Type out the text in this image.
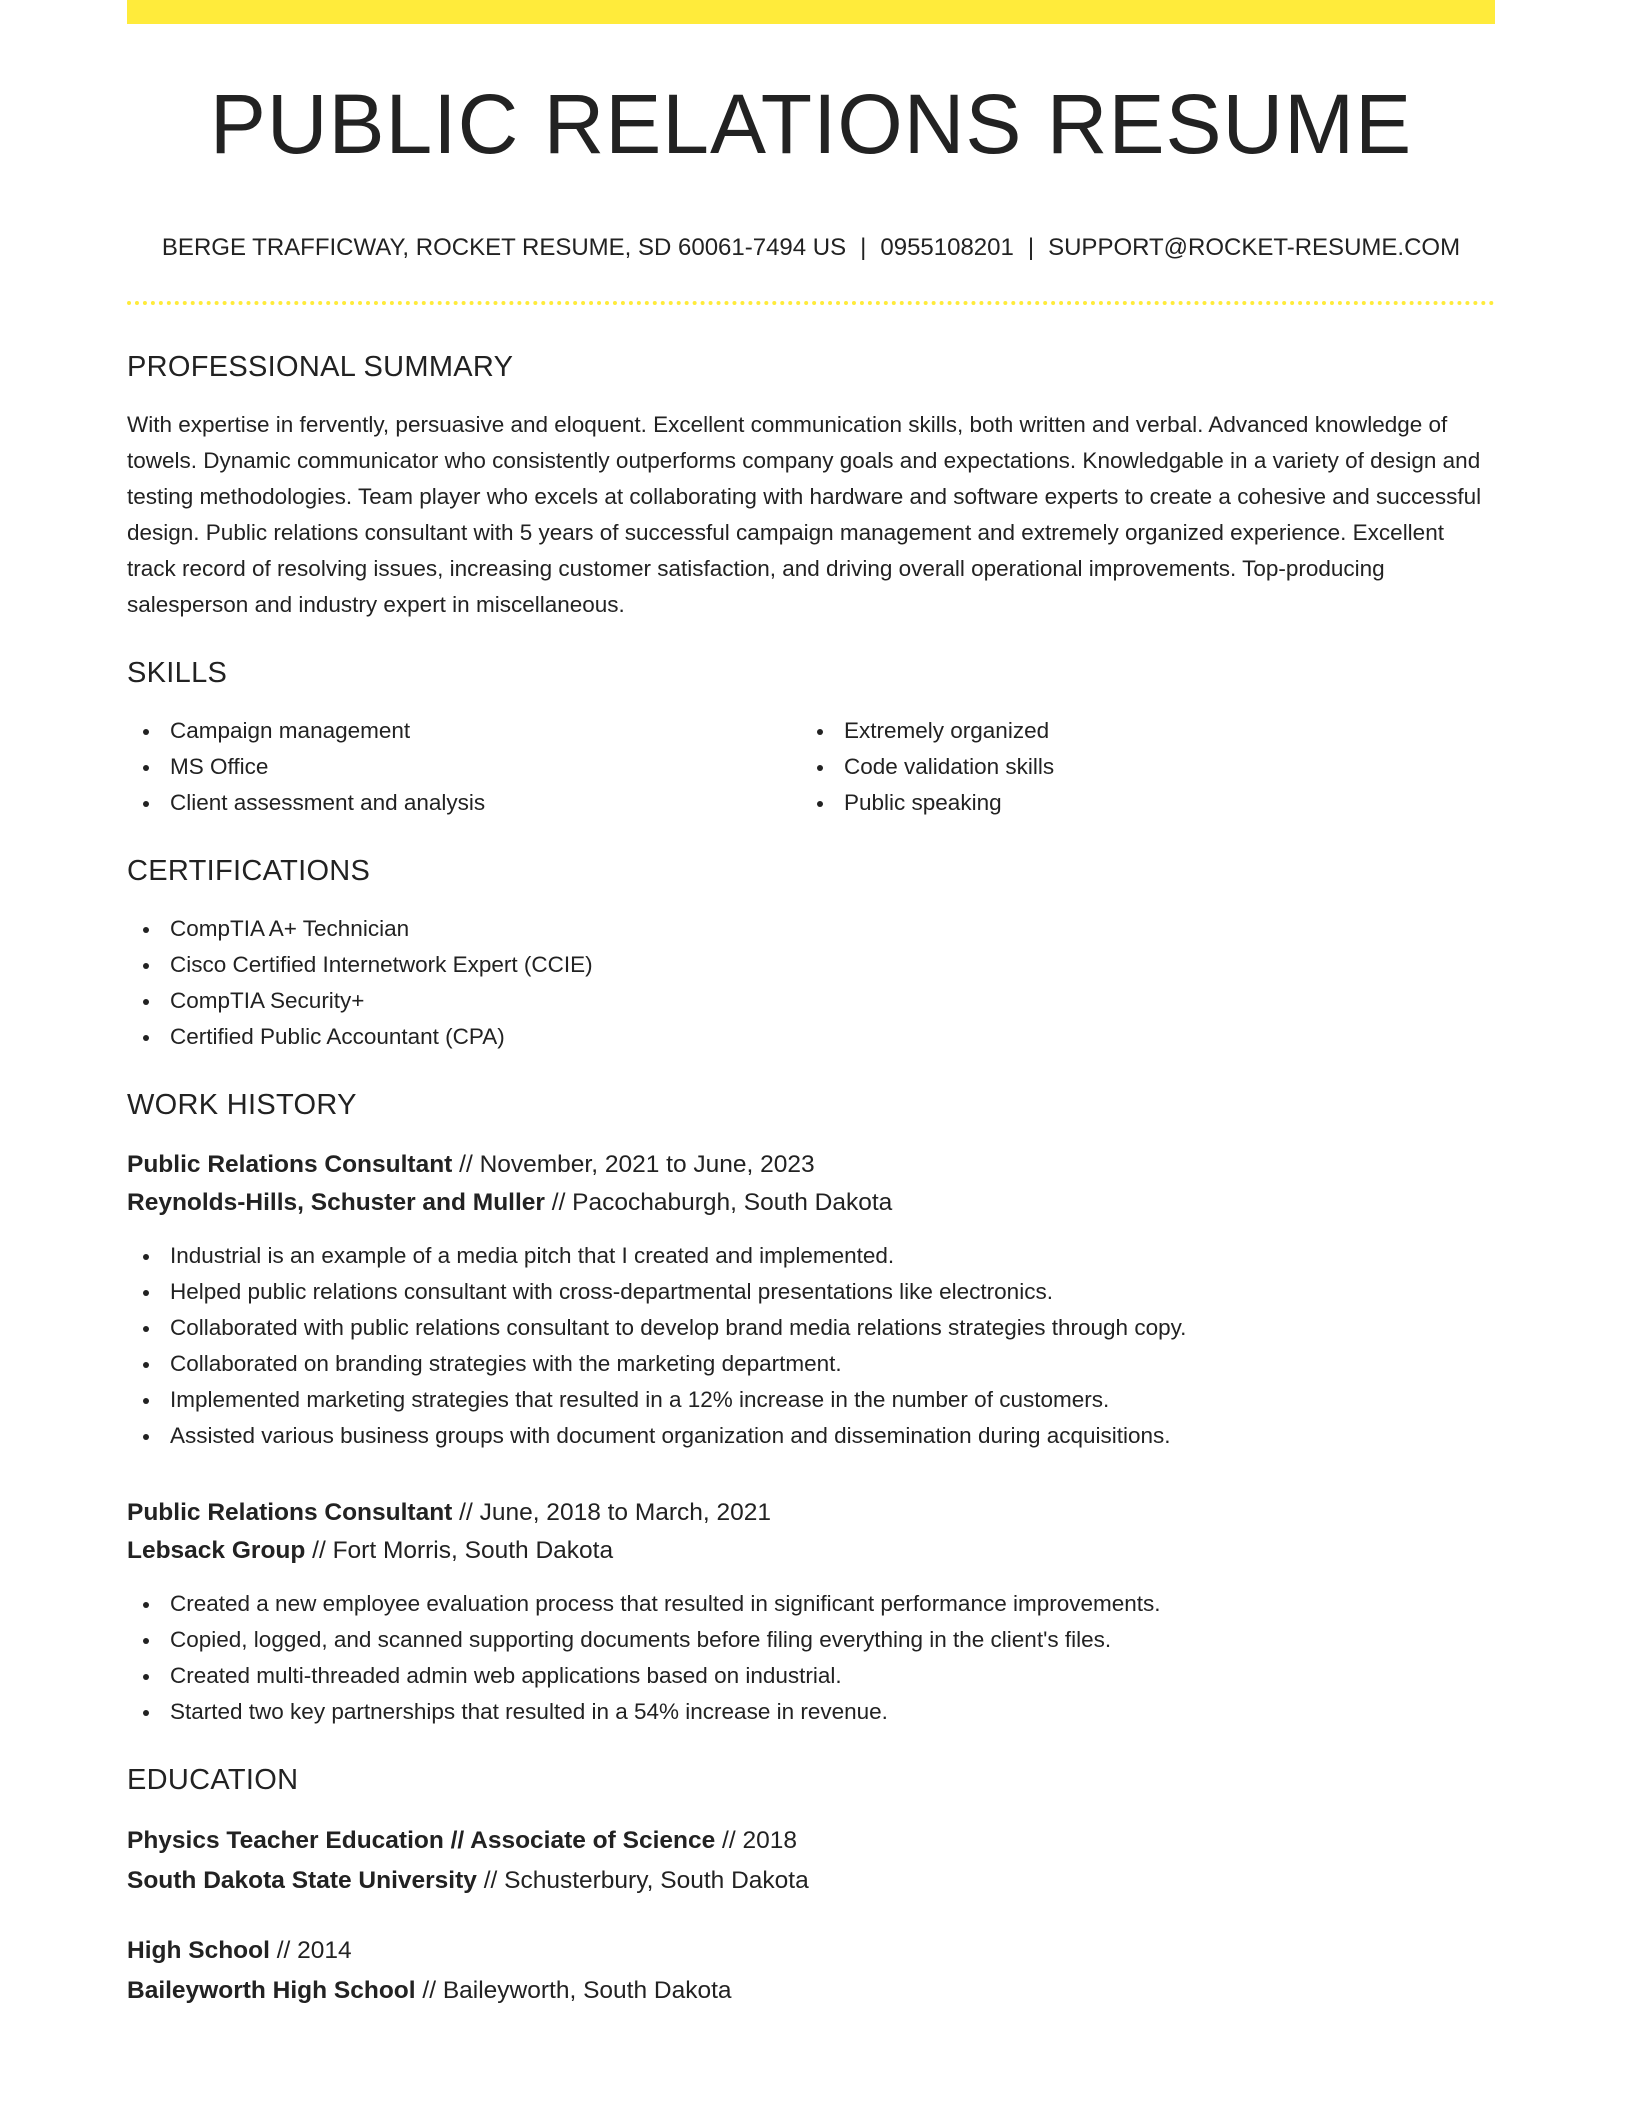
PUBLIC RELATIONS RESUME
BERGE TRAFFICWAY, ROCKET RESUME, SD 60061-7494 US | 0955108201 | SUPPORT@ROCKET-RESUME.COM
PROFESSIONAL SUMMARY

With expertise in fervently, persuasive and eloquent. Excellent communication skills, both written and verbal. Advanced knowledge of towels. Dynamic communicator who consistently outperforms company goals and expectations. Knowledgable in a variety of design and testing methodologies. Team player who excels at collaborating with hardware and software experts to create a cohesive and successful design. Public relations consultant with 5 years of successful campaign management and extremely organized experience. Excellent track record of resolving issues, increasing customer satisfaction, and driving overall operational improvements. Top-producing salesperson and industry expert in miscellaneous.

SKILLS
Campaign management
MS Office
Client assessment and analysis
Extremely organized
Code validation skills
Public speaking
CERTIFICATIONS
CompTIA A+ Technician
Cisco Certified Internetwork Expert (CCIE)
CompTIA Security+
Certified Public Accountant (CPA)
WORK HISTORY
Public Relations Consultant // November, 2021 to June, 2023
Reynolds-Hills, Schuster and Muller // Pacochaburgh, South Dakota
Industrial is an example of a media pitch that I created and implemented.
Helped public relations consultant with cross-departmental presentations like electronics.
Collaborated with public relations consultant to develop brand media relations strategies through copy.
Collaborated on branding strategies with the marketing department.
Implemented marketing strategies that resulted in a 12% increase in the number of customers.
Assisted various business groups with document organization and dissemination during acquisitions.
Public Relations Consultant // June, 2018 to March, 2021
Lebsack Group // Fort Morris, South Dakota
Created a new employee evaluation process that resulted in significant performance improvements.
Copied, logged, and scanned supporting documents before filing everything in the client's files.
Created multi-threaded admin web applications based on industrial.
Started two key partnerships that resulted in a 54% increase in revenue.
EDUCATION
Physics Teacher Education // Associate of Science // 2018
South Dakota State University // Schusterbury, South Dakota
High School // 2014
Baileyworth High School // Baileyworth, South Dakota
